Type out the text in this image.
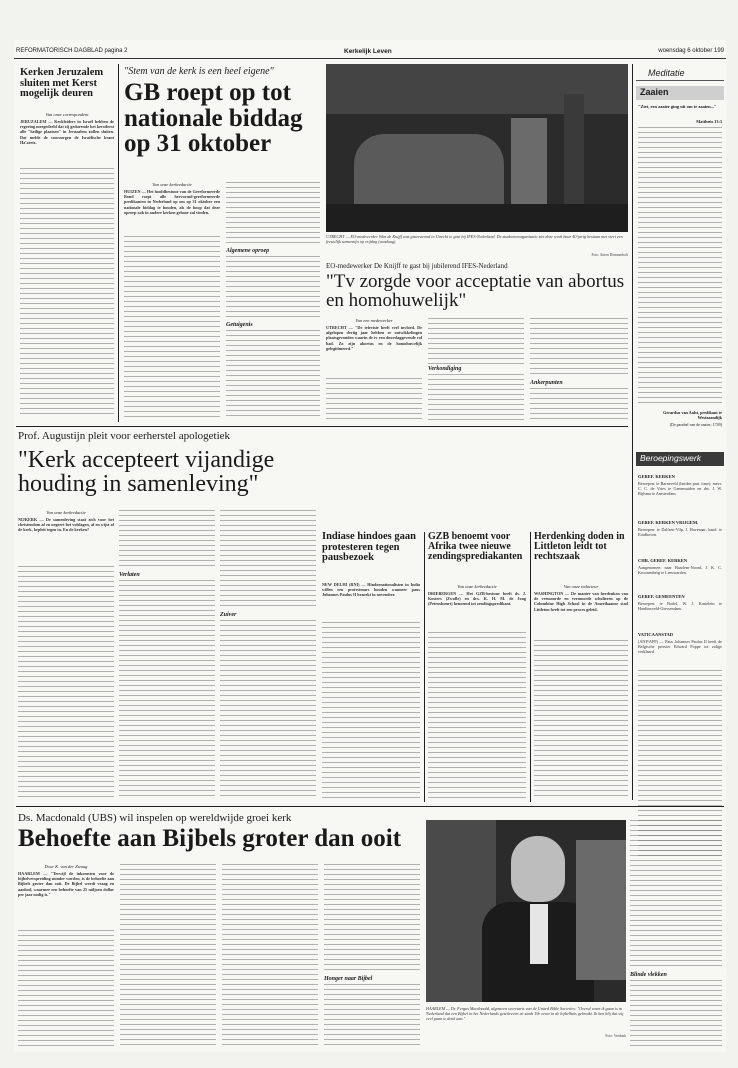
REFORMATORISCH DAGBLAD pagina 2	Kerkelijk Leven	woensdag 6 oktober 199
Kerken Jeruzalem sluiten met Kerst mogelijk deuren
Van onze correspondent
JERUZALEM — Kerkleiders in Israël hebben de regering meegedeeld dat zij gedurende het kerstfeest alle "heilige plaatsen" in Jeruzalem zullen sluiten. Dat melde de voorzorgen de Israëlische krant Ha'aretz.
"Stem van de kerk is een heel eigene"
GB roept op tot nationale biddag op 31 oktober
Van onze kerkredactie
HUIZEN — Het hoofdbestuur van de Gereformeerde Bond roept alle hervormd-gereformeerde predikanten in Nederland op om op 31 oktober een nationale biddag te houden, als de hoop dat deze oproep ook in andere kerken gehoor zal vinden.
Algemene oproep
Getuigenis
UTRECHT — EO-medewerker Wim de Knijff was gisteravond in Utrecht te gast bij IFES-Nederland. De studentenorganisatie ziet deze week haar 40-jarig bestaan met viert een feestelijk samenzijn op vrijdag (vandaag).
Foto: Anton Dommerholt
EO-medewerker De Knijff te gast bij jubilerend IFES-Nederland
"Tv zorgde voor acceptatie van abortus en homohuwelijk"
Van een medewerker
UTRECHT — "De televisie heeft veel invloed. De afgelopen dertig jaar hebben er ontwikkelingen plaatsgevonden waarin de tv een doorslaggevende rol had. Zo zijn abortus en de homohuwelijk gelegitimeerd."
Verkondiging
Ankerpunten
Meditatie
Zaaien
"Ziet, een zaaier ging uit om te zaaien..."
Mattheüs 13:3
Gerardus van Aalst, predikant te Westzaandijk
(De parabel van de zaaier; 1749)
Beroepingswerk
GEREF. KERKEN
Beroepen: te Barneveld (beiden part. time): mevr. C. C. de Vries te Genemuiden en drs. J. W. Bijlsma te Amsterdam.
GEREF. KERKEN VRIJGEM.
Beroepen: te Dalfsen-Vilp, J. Havenaar, kand. te Eindhoven.
CHR. GEREF. KERKEN
Aangenomen: naar Haarlem-Noord, J. K. C. Kroonenberg te Leeuwarden.
GEREF. GEMEENTEN
Beroepen: te Bodel, W. J. Kastelein te Hardinxveld-Giessendam.
VATICAANSTAD
(ANP/AFP) — Paus Johannes Paulus II heeft de Belgische priester Edward Poppe tot zalige verklaard.
Prof. Augustijn pleit voor eerherstel apologetiek
"Kerk accepteert vijandige houding in samenleving"
Van onze kerkredactie
NIJKERK — De samenleving staat zich voor het christendom af en negeert het volslagen, af en wijst af de kerk, bepleit tegen in. En de kerken?
Verlaten
Zuiver
Indiase hindoes gaan protesteren tegen pausbezoek
NEW DELHI (RNI) — Hindoenationalisten in India willen een protestmars houden wanneer paus Johannes Paulus II bezoekt in november.
GZB benoemt voor Afrika twee nieuwe zendingsprediakanten
Van onze kerkredactie
DRIEBERGEN — Het GZB-bestuur heeft ds. J. Kosters (Zwolle) en drs. K. H. M. de Jong (Petrusbuurt) benoemd tot zendingspredikant.
Herdenking doden in Littleton leidt tot rechtszaak
Van onze redacteur
WASHINGTON — De manier van herdenken van de vermoorde en vermoorde scholieren op de Columbine High School in de Amerikaanse stad Littleton heeft tot een proces geleid.
Ds. Macdonald (UBS) wil inspelen op wereldwijde groei kerk
Behoefte aan Bijbels groter dan ooit
Door K. van der Zwaag
HAARLEM — "Terwijl de inkomsten voor de bijbelverspreiding minder worden, is de behoefte aan Bijbels groter dan ooit. De Bijbel wordt vraag en aanbod, waarmee een behoefte van 25 miljoen dollar per jaar nodig is."
Honger naar Bijbel
HAARLEM — Dr. Fergus Macdonald, algemeen secretaris van de United Bible Societies: "Overal waar ik gaan is in Nederland dat een Bijbel in het Nederlands geschreven en sinds 19e eeuw in de bijbelhuis gebruikt. Ik ben blij dat wij veel gaan te denk aan."
Foto: Verdonk
Blinde vlekken
